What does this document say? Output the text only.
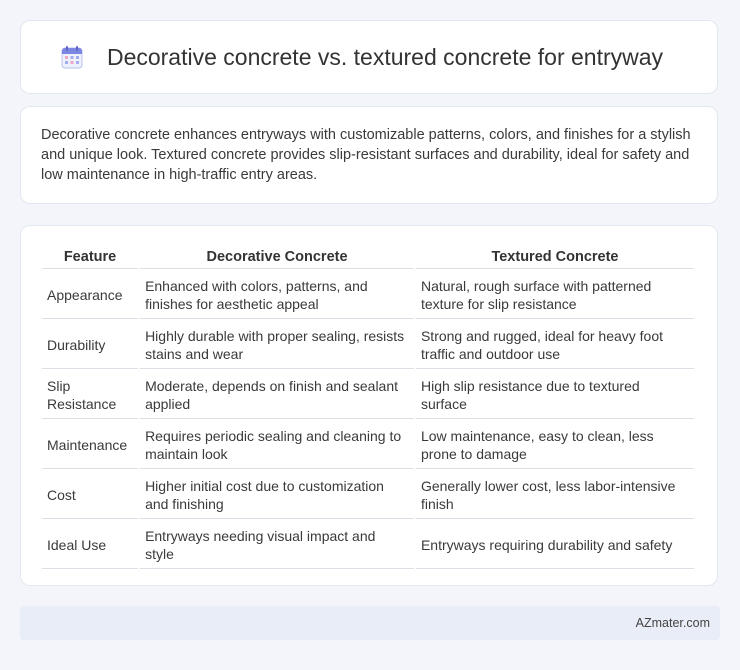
Decorative concrete vs. textured concrete for entryway
Decorative concrete enhances entryways with customizable patterns, colors, and finishes for a stylish and unique look. Textured concrete provides slip-resistant surfaces and durability, ideal for safety and low maintenance in high-traffic entry areas.
Feature	Decorative Concrete	Textured Concrete
Appearance	Enhanced with colors, patterns, and finishes for aesthetic appeal	Natural, rough surface with patterned texture for slip resistance
Durability	Highly durable with proper sealing, resists stains and wear	Strong and rugged, ideal for heavy foot traffic and outdoor use
Slip Resistance	Moderate, depends on finish and sealant applied	High slip resistance due to textured surface
Maintenance	Requires periodic sealing and cleaning to maintain look	Low maintenance, easy to clean, less prone to damage
Cost	Higher initial cost due to customization and finishing	Generally lower cost, less labor-intensive finish
Ideal Use	Entryways needing visual impact and style	Entryways requiring durability and safety
AZmater.com
